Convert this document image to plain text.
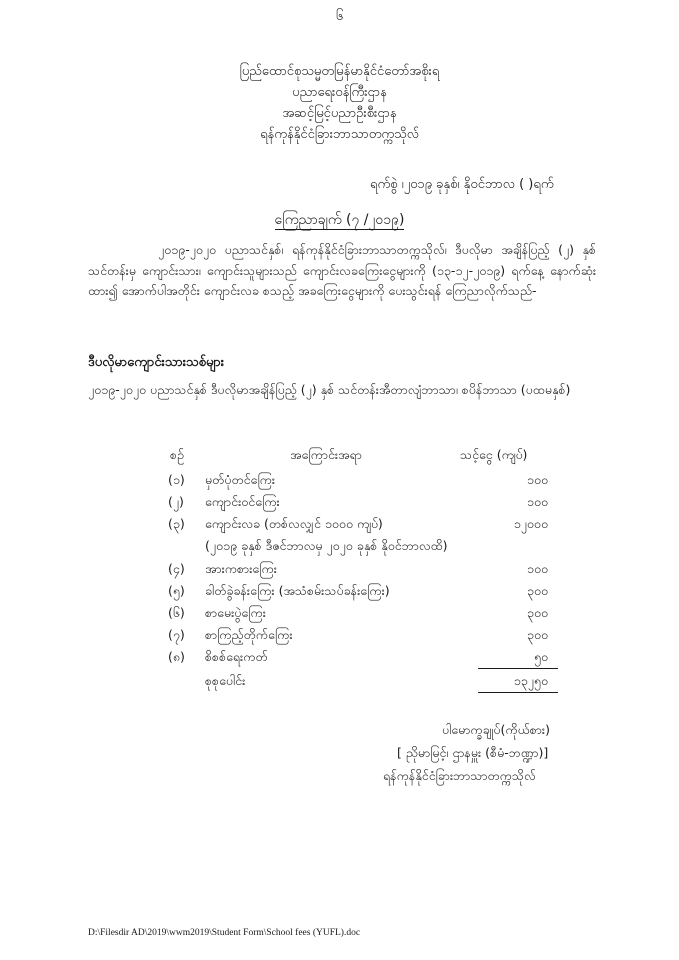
၆
ပြည်ထောင်စုသမ္မတမြန်မာနိုင်ငံတော်အစိုးရ
ပညာရေးဝန်ကြီးဌာန
အဆင့်မြင့်ပညာဦးစီးဌာန
ရန်ကုန်နိုင်ငံခြားဘာသာတက္ကသိုလ်
ရက်စွဲ ၊၂၀၁၉ ခုနှစ်၊ နိုဝင်ဘာလ ( )ရက်
ကြေညာချက် (၇ /၂၀၁၉)
၂၀၁၉-၂၀၂၀ ပညာသင်နှစ်၊ ရန်ကုန်နိုင်ငံခြားဘာသာတက္ကသိုလ်၊ ဒီပလိုမာ အချိန်ပြည့် (၂) နှစ် သင်တန်းမှ ကျောင်းသား၊ ကျောင်းသူများသည် ကျောင်းလခကြေးငွေများကို (၁၃-၁၂-၂၀၁၉) ရက်နေ့ နောက်ဆုံးထား၍ အောက်ပါအတိုင်း ကျောင်းလခ စသည့် အခကြေးငွေများကို ပေးသွင်းရန် ကြေညာလိုက်သည်-
ဒီပလိုမာကျောင်းသားသစ်များ
၂၀၁၉-၂၀၂၀ ပညာသင်နှစ် ဒီပလိုမာအချိန်ပြည့် (၂) နှစ် သင်တန်းအီတာလျံဘာသာ၊ စပိန်ဘာသာ (ပထမနှစ်)
စဉ်	အကြောင်းအရာ	သင့်ငွေ (ကျပ်)
(၁)	မှတ်ပုံတင်ကြေး	၁၀၀
(၂)	ကျောင်းဝင်ကြေး	၁၀၀
(၃)	ကျောင်းလခ (တစ်လလျှင် ၁၀၀၀ ကျပ်)	၁၂၀၀၀
(၂၀၁၉ ခုနှစ် ဒီဇင်ဘာလမှ ၂၀၂၀ ခုနှစ် နိုဝင်ဘာလထိ)
(၄)	အားကစားကြေး	၁၀၀
(၅)	ခါတ်ခွဲခန်းကြေး (အသံစမ်းသပ်ခန်းကြေး)	၃၀၀
(၆)	စာမေးပွဲကြေး	၃၀၀
(၇)	စာကြည့်တိုက်ကြေး	၃၀၀
(၈)	စိစစ်ရေးကတ်	၅၀
စုစုပေါင်း	၁၃၂၅၀
ပါမောက္ခချုပ်(ကိုယ်စား)
[ ညိုမာမြင့်၊ ဌာနမှူး (စီမံ-ဘဏ္ဍာ)]
ရန်ကုန်နိုင်ငံခြားဘာသာတက္ကသိုလ်
D:\Filesdir AD\2019\wwm2019\Student Form\School fees (YUFL).doc
